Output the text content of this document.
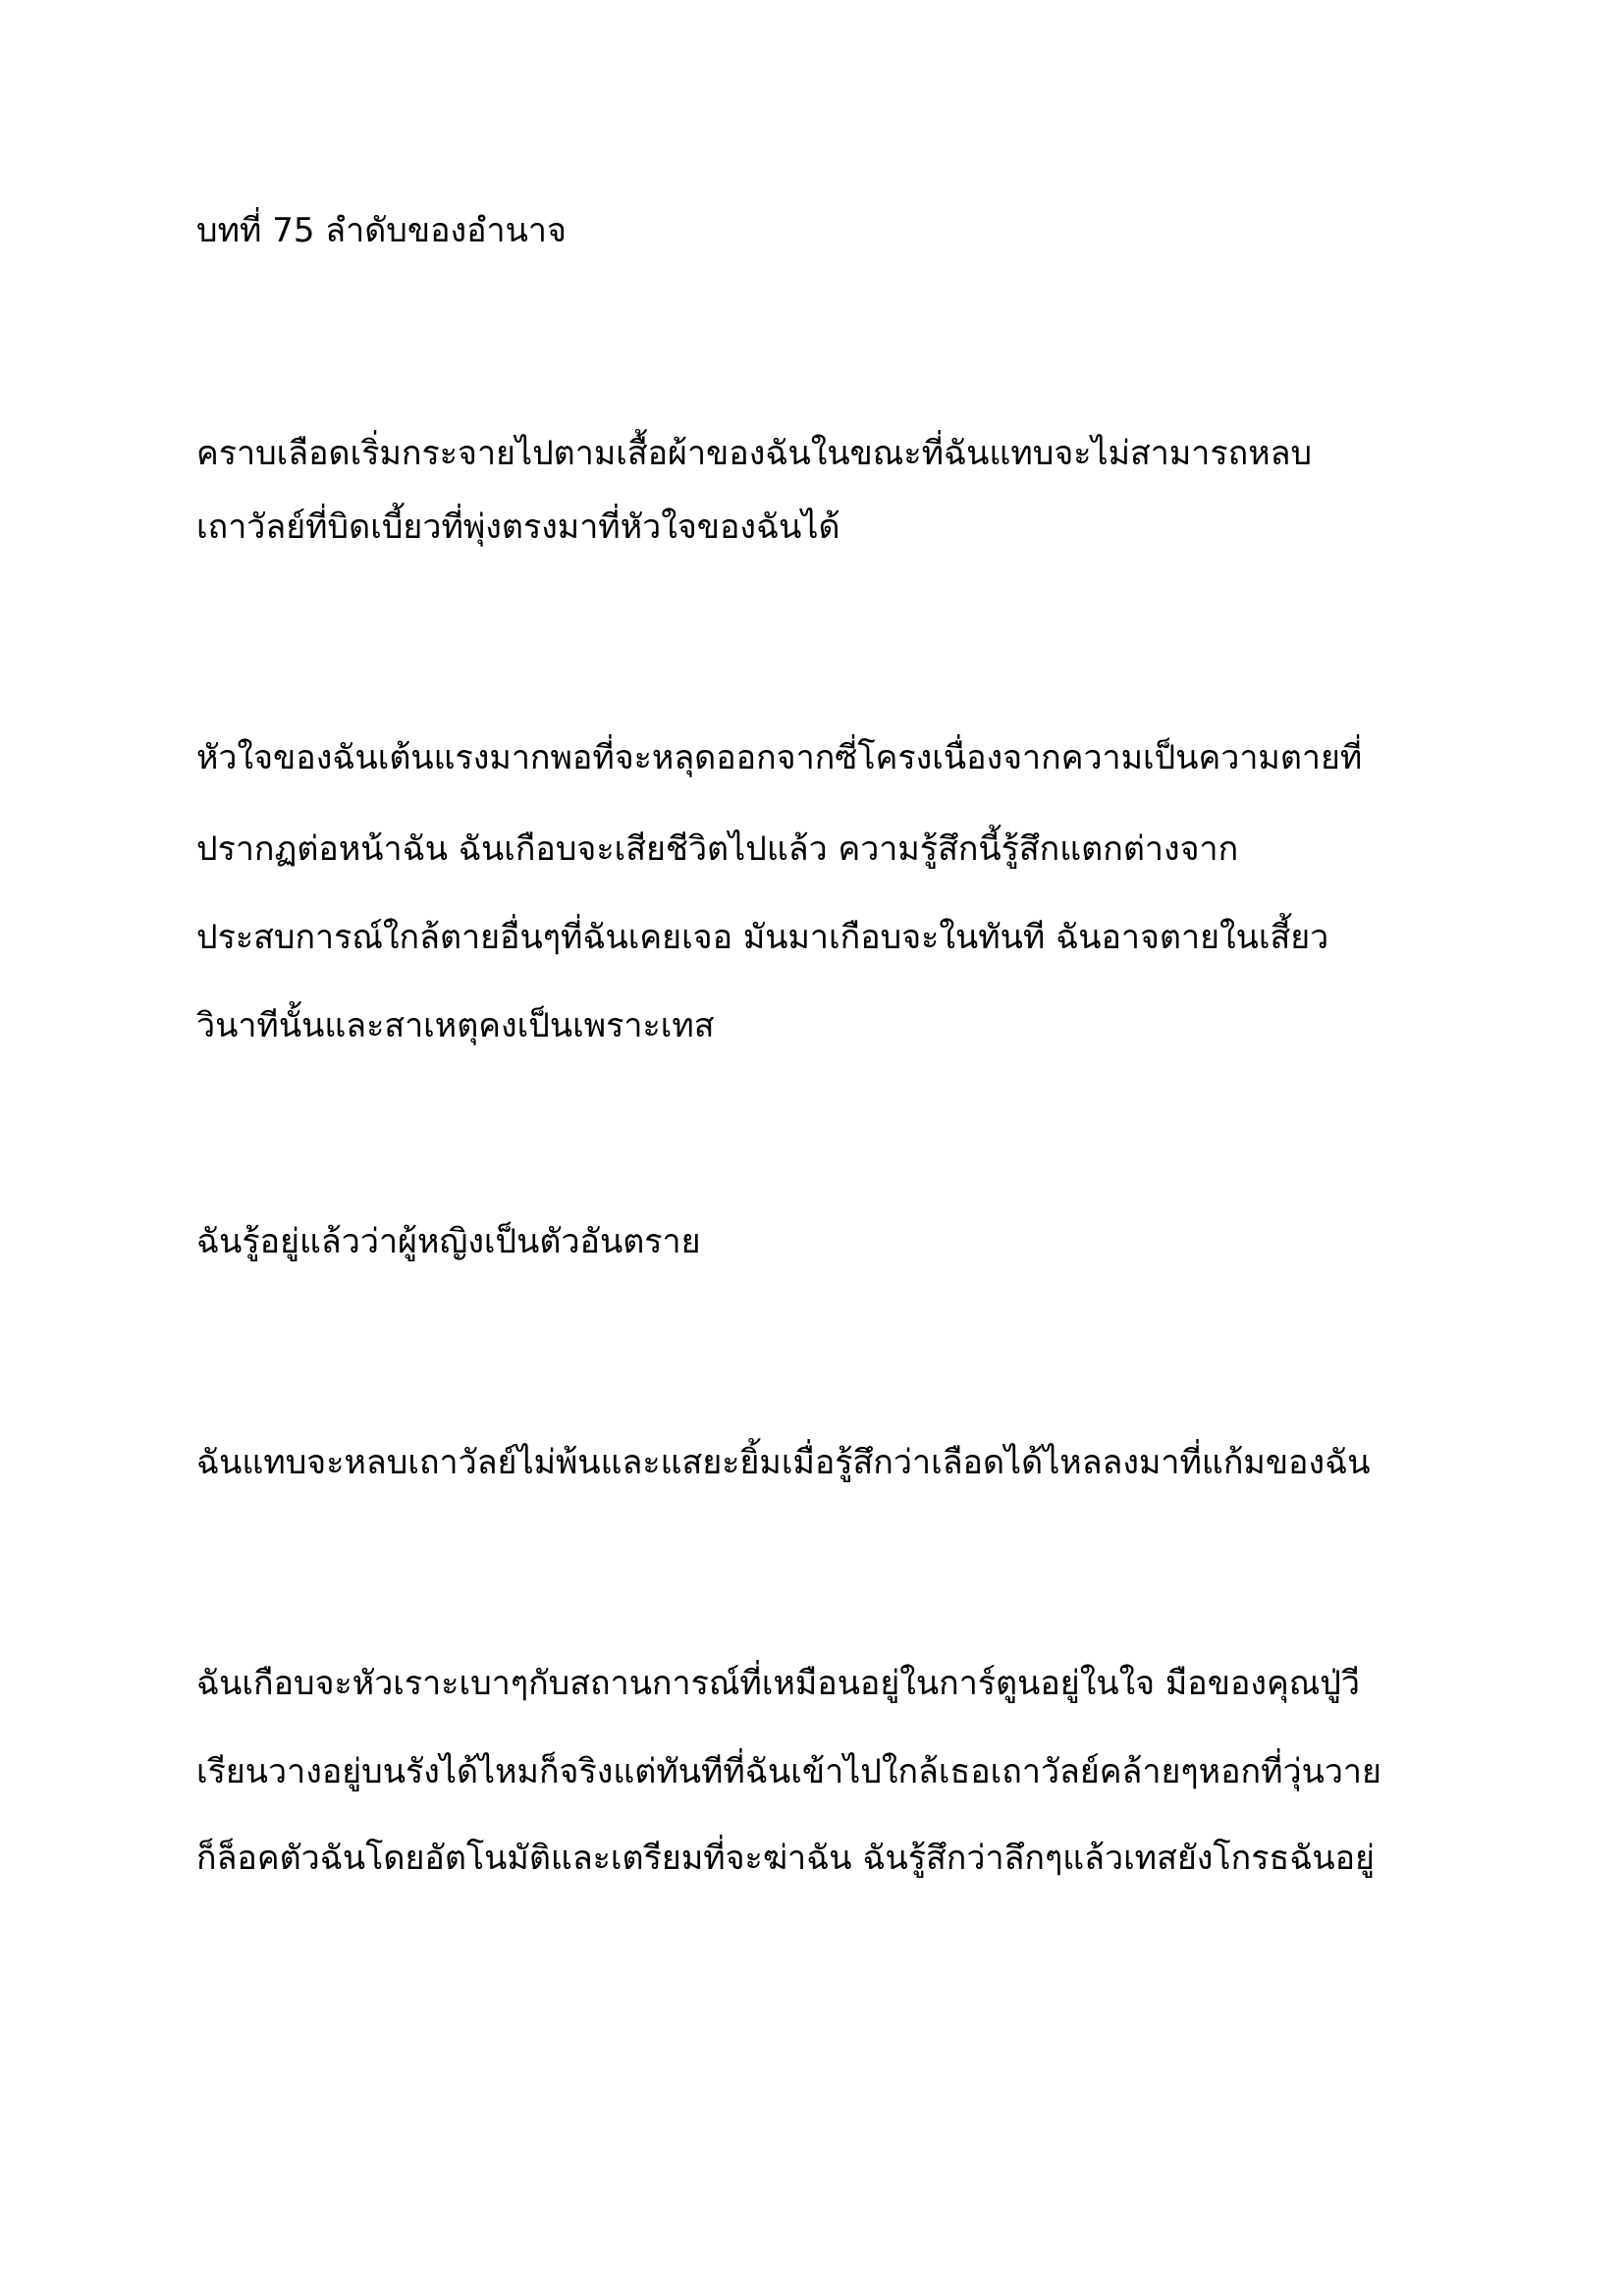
บทที่ 75 ลำดับของอำนาจ

คราบเลือดเริ่มกระจายไปตามเสื้อผ้าของฉันในขณะที่ฉันแทบจะไม่สามารถหลบ

เถาวัลย์ที่บิดเบี้ยวที่พุ่งตรงมาที่หัวใจของฉันได้

หัวใจของฉันเต้นแรงมากพอที่จะหลุดออกจากซี่โครงเนื่องจากความเป็นความตายที่

ปรากฏต่อหน้าฉัน ฉันเกือบจะเสียชีวิตไปแล้ว ความรู้สึกนี้รู้สึกแตกต่างจาก

ประสบการณ์ใกล้ตายอื่นๆที่ฉันเคยเจอ มันมาเกือบจะในทันที ฉันอาจตายในเสี้ยว

วินาทีนั้นและสาเหตุคงเป็นเพราะเทส

ฉันรู้อยู่แล้วว่าผู้หญิงเป็นตัวอันตราย

ฉันแทบจะหลบเถาวัลย์ไม่พ้นและแสยะยิ้มเมื่อรู้สึกว่าเลือดได้ไหลลงมาที่แก้มของฉัน

ฉันเกือบจะหัวเราะเบาๆกับสถานการณ์ที่เหมือนอยู่ในการ์ตูนอยู่ในใจ มือของคุณปู่วี

เรียนวางอยู่บนรังได้ไหมก็จริงแต่ทันทีที่ฉันเข้าไปใกล้เธอเถาวัลย์คล้ายๆหอกที่วุ่นวาย

ก็ล็อคตัวฉันโดยอัตโนมัติและเตรียมที่จะฆ่าฉัน ฉันรู้สึกว่าลึกๆแล้วเทสยังโกรธฉันอยู่
